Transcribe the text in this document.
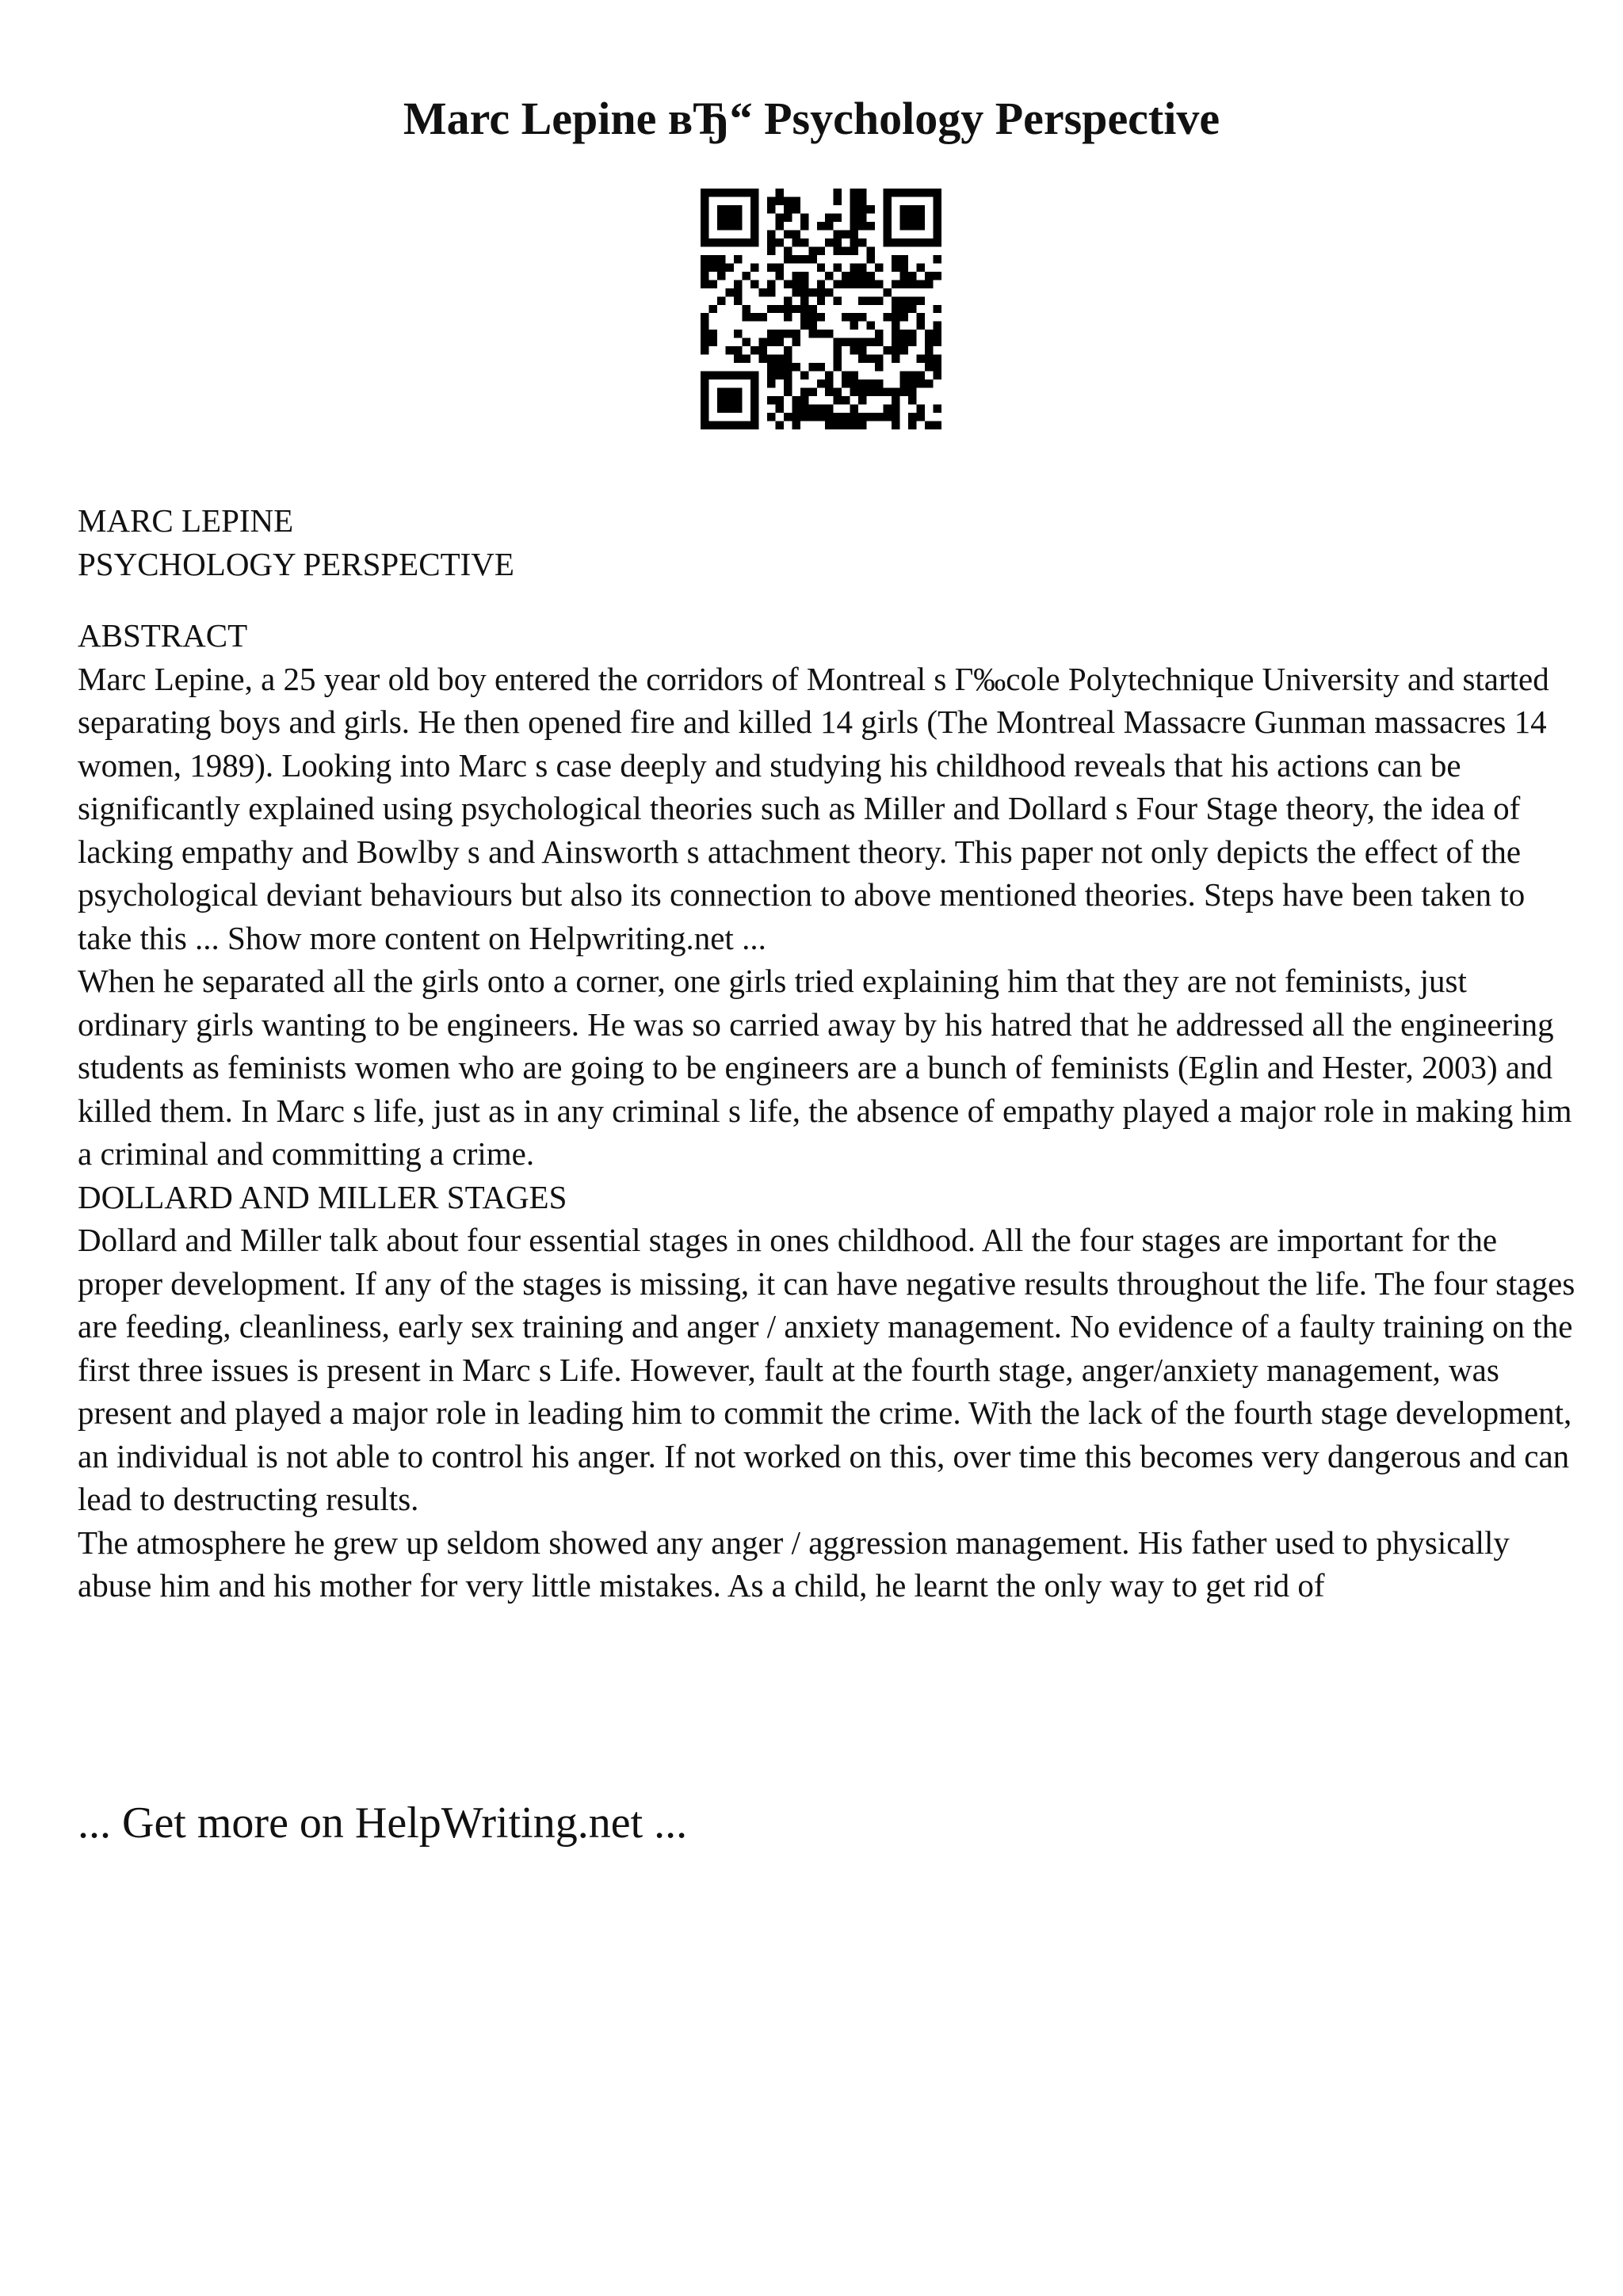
Marc Lepine вЂ“ Psychology Perspective

MARC LEPINE

PSYCHOLOGY PERSPECTIVE

ABSTRACT

Marc Lepine, a 25 year old boy entered the corridors of Montreal s Г‰cole Polytechnique University and started separating boys and girls. He then opened fire and killed 14 girls (The Montreal Massacre Gunman massacres 14 women, 1989). Looking into Marc s case deeply and studying his childhood reveals that his actions can be significantly explained using psychological theories such as Miller and Dollard s Four Stage theory, the idea of lacking empathy and Bowlby s and Ainsworth s attachment theory. This paper not only depicts the effect of the psychological deviant behaviours but also its connection to above mentioned theories. Steps have been taken to take this ... Show more content on Helpwriting.net ...

When he separated all the girls onto a corner, one girls tried explaining him that they are not feminists, just ordinary girls wanting to be engineers. He was so carried away by his hatred that he addressed all the engineering students as feminists women who are going to be engineers are a bunch of feminists (Eglin and Hester, 2003) and killed them. In Marc s life, just as in any criminal s life, the absence of empathy played a major role in making him a criminal and committing a crime.

DOLLARD AND MILLER STAGES

Dollard and Miller talk about four essential stages in ones childhood. All the four stages are important for the proper development. If any of the stages is missing, it can have negative results throughout the life. The four stages are feeding, cleanliness, early sex training and anger / anxiety management. No evidence of a faulty training on the first three issues is present in Marc s Life. However, fault at the fourth stage, anger/anxiety management, was present and played a major role in leading him to commit the crime. With the lack of the fourth stage development, an individual is not able to control his anger. If not worked on this, over time this becomes very dangerous and can lead to destructing results.

The atmosphere he grew up seldom showed any anger / aggression management. His father used to physically abuse him and his mother for very little mistakes. As a child, he learnt the only way to get rid of

... Get more on HelpWriting.net ...
